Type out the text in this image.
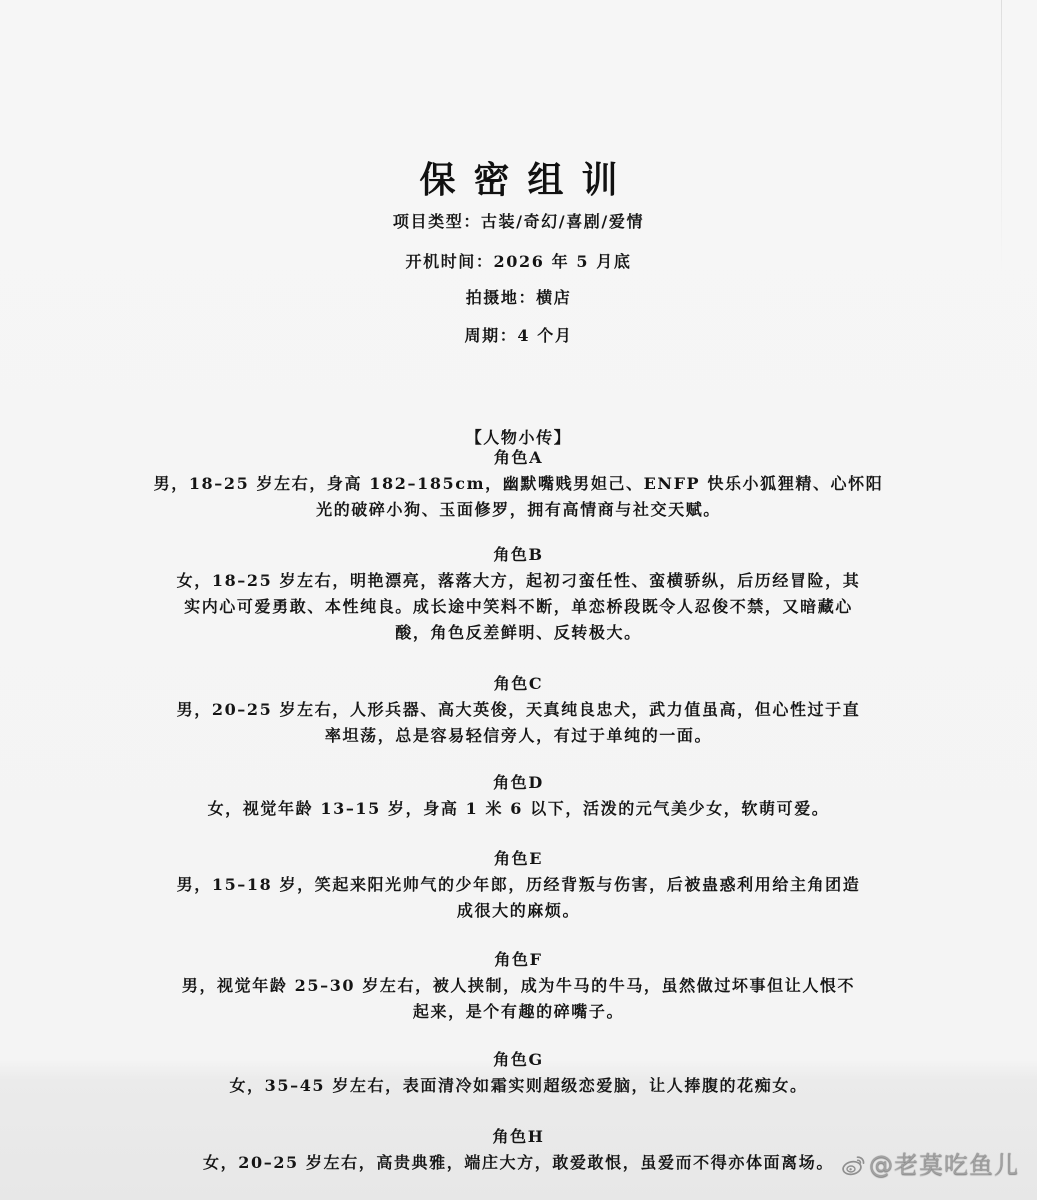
保密组训
项目类型：古装/奇幻/喜剧/爱情
开机时间：2026 年 5 月底
拍摄地：横店
周期：4 个月
【人物小传】
角色A
男，18–25 岁左右，身高 182–185cm，幽默嘴贱男妲己、ENFP 快乐小狐狸精、心怀阳
光的破碎小狗、玉面修罗，拥有高情商与社交天赋。
角色B
女，18–25 岁左右，明艳漂亮，落落大方，起初刁蛮任性、蛮横骄纵，后历经冒险，其
实内心可爱勇敢、本性纯良。成长途中笑料不断，单恋桥段既令人忍俊不禁，又暗藏心
酸，角色反差鲜明、反转极大。
角色C
男，20–25 岁左右，人形兵器、高大英俊，天真纯良忠犬，武力值虽高，但心性过于直
率坦荡，总是容易轻信旁人，有过于单纯的一面。
角色D
女，视觉年龄 13–15 岁，身高 1 米 6 以下，活泼的元气美少女，软萌可爱。
角色E
男，15–18 岁，笑起来阳光帅气的少年郎，历经背叛与伤害，后被蛊惑利用给主角团造
成很大的麻烦。
角色F
男，视觉年龄 25–30 岁左右，被人挟制，成为牛马的牛马，虽然做过坏事但让人恨不
起来，是个有趣的碎嘴子。
角色G
女，35–45 岁左右，表面清冷如霜实则超级恋爱脑，让人捧腹的花痴女。
角色H
女，20–25 岁左右，高贵典雅，端庄大方，敢爱敢恨，虽爱而不得亦体面离场。	@老莫吃鱼儿
